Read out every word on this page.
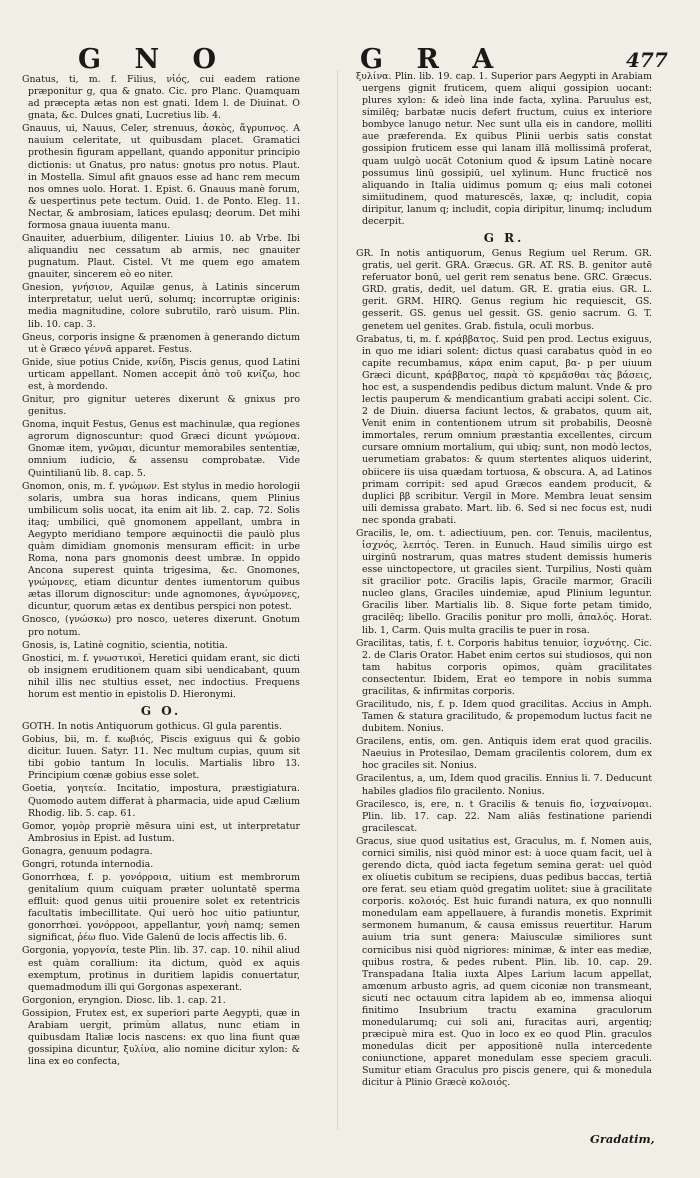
G N O	G R A	477
Gnatus, ti, m. f. Filius, νἱός, cui eadem ratione præponitur g, qua & gnato. Cic. pro Planc. Quamquam ad præcepta ætas non est gnati. Idem l. de Diuinat. O gnata, &c. Dulces gnati, Lucretius lib. 4.
Gnauus, ui, Nauus, Celer, strenuus, ἀσκὸς, ἄγρυπνος. A nauium celeritate, ut quibusdam placet. Gramatici prothesin figuram appellant, quando apponitur principio dictionis: ut Gnatus, pro natus: gnotus pro notus. Plaut. in Mostella. Simul afit gnauos esse ad hanc rem mecum nos omnes uolo. Horat. 1. Epist. 6. Gnauus manè forum, & uespertinus pete tectum. Ouid. 1. de Ponto. Eleg. 11. Nectar, & ambrosiam, latices epulasq; deorum. Det mihi formosa gnaua iuuenta manu.
Gnauiter, aduerbium, diligenter. Liuius 10. ab Vrbe. Ibi aliquandiu nec cessatum ab armis, nec gnauiter pugnatum. Plaut. Cistel. Vt me quem ego amatem gnauiter, sincerem eò eo niter.
Gnesion, γνήσιον, Aquilæ genus, à Latinis sincerum interpretatur, uelut uerū, solumq; incorruptæ originis: media magnitudine, colore subrutilo, rarò uisum. Plin. lib. 10. cap. 3.
Gneus, corporis insigne & prænomen à generando dictum ut è Græco γέννᾶ apparet. Festus.
Gnide, siue potius Cnide, κνίδη, Piscis genus, quod Latini urticam appellant. Nomen accepit ἀπὸ τοῦ κνίζω, hoc est, à mordendo.
Gnitur, pro gignitur ueteres dixerunt & gnixus pro genitus.
Gnoma, inquit Festus, Genus est machinulæ, qua regiones agrorum dignoscuntur: quod Græci dicunt γνώμονα. Gnomæ item, γνῶμαι, dicuntur memorabiles sententiæ, omnium iudicio, & assensu comprobatæ. Vide Quintilianū lib. 8. cap. 5.
Gnomon, onis, m. f. γνώμων. Est stylus in medio horologii solaris, umbra sua horas indicans, quem Plinius umbilicum solis uocat, ita enim ait lib. 2. cap. 72. Solis itaq; umbilici, quē gnomonem appellant, umbra in Aegypto meridiano tempore æquinoctii die paulò plus quàm dimidiam gnomonis mensuram efficit: in urbe Roma, nona pars gnomonis deest umbræ. In oppido Ancona superest quinta trigesima, &c. Gnomones, γνώμονες, etiam dicuntur dentes iumentorum quibus ætas illorum dignoscitur: unde agnomones, ἀγνώμονες, dicuntur, quorum ætas ex dentibus perspici non potest.
Gnosco, (γνώσκω) pro nosco, ueteres dixerunt. Gnotum pro notum.
Gnosis, is, Latinè cognitio, scientia, notitia.
Gnostici, m. f. γνωστικοὶ, Heretici quidam erant, sic dicti ob insignem eruditionem quam sibi uendicabant, quum nihil illis nec stultius esset, nec indoctius. Frequens horum est mentio in epistolis D. Hieronymi.
G O.
GOTH. In notis Antiquorum gothicus. Gl gula parentis.
Gobius, bii, m. f. κωβιός, Piscis exiguus qui & gobio dicitur. Iuuen. Satyr. 11. Nec multum cupias, quum sit tibi gobio tantum In loculis. Martialis libro 13. Principium cœnæ gobius esse solet.
Goetia, γοητεία. Incitatio, impostura, præstigiatura. Quomodo autem differat à pharmacia, uide apud Cælium Rhodig. lib. 5. cap. 61.
Gomor, γομὸρ propriè mēsura uini est, ut interpretatur Ambrosius in Epist. ad Iustum.
Gonagra, genuum podagra.
Gongri, rotunda internodia.
Gonorrhœa, f. p. γονόρροια, uitium est membrorum genitalium quum cuiquam præter uoluntatē sperma effluit: quod genus uitii prouenire solet ex retentricis facultatis imbecillitate. Qui uerò hoc uitio patiuntur, gonorrhœi. γονόρροοι, appellantur, γονὴ namq; semen significat, ῥέω fluo. Vide Galenū de locis affectis lib. 6.
Gorgonia, γοργονία, teste Plin. lib. 37. cap. 10. nihil aliud est quàm corallium: ita dictum, quòd ex aquis exemptum, protinus in duritiem lapidis conuertatur, quemadmodum illi qui Gorgonas aspexerant.
Gorgonion, eryngion. Diosc. lib. 1. cap. 21.
Gossipion, Frutex est, ex superiori parte Aegypti, quæ in Arabiam uergit, primùm allatus, nunc etiam in quibusdam Italiæ locis nascens: ex quo lina fiunt quæ gossipina dicuntur, ξυλίνα, alio nomine dicitur xylon: & lina ex eo confecta,
ξυλίνα. Plin. lib. 19. cap. 1. Superior pars Aegypti in Arabiam uergens gignit fruticem, quem aliqui gossipion uocant: plures xylon: & ideò lina inde facta, xylina. Paruulus est, similēq; barbatæ nucis defert fructum, cuius ex interiore bombyce lanugo netur. Nec sunt ulla eis in candore, molliti aue præferenda. Ex quibus Plinii uerbis satis constat gossipion fruticem esse qui lanam illā mollissimā proferat, quam uulgò uocāt Cotonium quod & ipsum Latinè nocare possumus linū gossipiū, uel xylinum. Hunc fructicē nos aliquando in Italia uidimus pomum q; eius mali cotonei simiitudinem, quod maturescēs, laxæ, q; includit, copia diripitur, lanum q; includit, copia diripitur, linumq; includum decerpit.
G R.
GR. In notis antiquorum, Genus Regium uel Rerum. GR. gratis, uel gerit. GRA. Græcus. GR. AT. RS. B. genitor autē referuator bonū, uel gerit rem senatus bene. GRC. Græcus. GRD. gratis, dedit, uel datum. GR. E. gratia eius. GR. L. gerit. GRM. HIRQ. Genus regium hic requiescit, GS. gesserit. GS. genus uel gessit. GS. genio sacrum. G. T. genetem uel genites. Grab. fistula, oculi morbus.
Grabatus, ti, m. f. κράββατος. Suid pen prod. Lectus exiguus, in quo me idiari solent: dictus quasi carabatus quòd in eo capite recumbamus, κάρα enim caput, βα- p per uiuum Græci dicunt, κράββατος, παρὰ τὸ κρεμᾶσθαι τὰς βάσεις, hoc est, a suspendendis pedibus dictum malunt. Vnde & pro lectis pauperum & mendicantium grabati accipi solent. Cic. 2 de Diuin. diuersa faciunt lectos, & grabatos, quum ait, Venit enim in contentionem utrum sit probabilis, Deosnè immortales, rerum omnium præstantia excellentes, circum cursare omnium mortalium, qui ubiq; sunt, non modò lectos, uerumetiam grabatos: & quum stertentes aliquos uiderint, obiicere iis uisa quædam tortuosa, & obscura. A, ad Latinos primam corripit: sed apud Græcos eandem producit, & duplici ββ scribitur. Vergil in More. Membra leuat sensim uili demissa grabato. Mart. lib. 6. Sed si nec focus est, nudi nec sponda grabati.
Gracilis, le, om. t. adiectiuum, pen. cor. Tenuis, macilentus, ἰσχνός, λεπτός. Teren. in Eunuch. Haud similis uirgo est uirginū nostrarum, quas matres student demissis humeris esse uinctopectore, ut graciles sient. Turpilius, Nosti quàm sit gracilior potc. Gracilis lapis, Gracile marmor, Gracili nucleo glans, Graciles uindemiæ, apud Plinium leguntur. Gracilis liber. Martialis lib. 8. Sique forte petam timido, gracilēq; libello. Gracilis ponitur pro molli, ἁπαλός. Horat. lib. 1, Carm. Quis multa gracilis te puer in rosa.
Gracilitas, tatis, f. t. Corporis habitus tenuior, ἰσχνότης. Cic. 2. de Claris Orator. Habet enim certos sui studiosos, qui non tam habitus corporis opimos, quàm gracilitates consectentur. Ibidem, Erat eo tempore in nobis summa gracilitas, & infirmitas corporis.
Gracilitudo, nis, f. p. Idem quod gracilitas. Accius in Amph. Tamen & statura gracilitudo, & propemodum luctus facit ne dubitem. Nonius.
Gracilens, entis, om. gen. Antiquis idem erat quod gracilis. Naeuius in Protesilao, Demam gracilentis colorem, dum ex hoc graciles sit. Nonius.
Gracilentus, a, um, Idem quod gracilis. Ennius li. 7. Deducunt habiles gladios filo gracilento. Nonius.
Gracilesco, is, ere, n. t Gracilis & tenuis fio, ἰσχναίνομαι. Plin. lib. 17. cap. 22. Nam aliās festinatione pariendi gracilescat.
Gracus, siue quod usitatius est, Graculus, m. f. Nomen auis, cornici similis, nisi quòd minor est: à uoce quam facit, uel à gerendo dicta, quòd iacta fegetum semina gerat: uel quòd ex oliuetis cubitum se recipiens, duas pedibus baccas, tertiā ore ferat. seu etiam quòd gregatim uolitet: siue à gracilitate corporis. κολοιός. Est huic furandi natura, ex quo nonnulli monedulam eam appellauere, à furandis monetis. Exprimit sermonem humanum, & causa emissus reuertitur. Harum auium tria sunt genera: Maiusculæ similiores sunt cornicibus nisi quòd nigriores: minimæ, & inter eas mediæ, quibus rostra, & pedes rubent. Plin. lib. 10. cap. 29. Transpadana Italia iuxta Alpes Larium lacum appellat, amœnum arbusto agris, ad quem ciconiæ non transmeant, sicuti nec octauum citra lapidem ab eo, immensa alioqui finitimo Insubrium tractu examina graculorum monedularumq; cui soli ani, furacitas auri, argentiq; præcipuè mira est. Quo in loco ex eo quod Plin. graculos monedulas dicit per appositionē nulla intercedente coniunctione, apparet monedulam esse speciem graculi. Sumitur etiam Graculus pro piscis genere, qui & monedula dicitur à Plinio Græcè κολοιός.
Gradatim,
